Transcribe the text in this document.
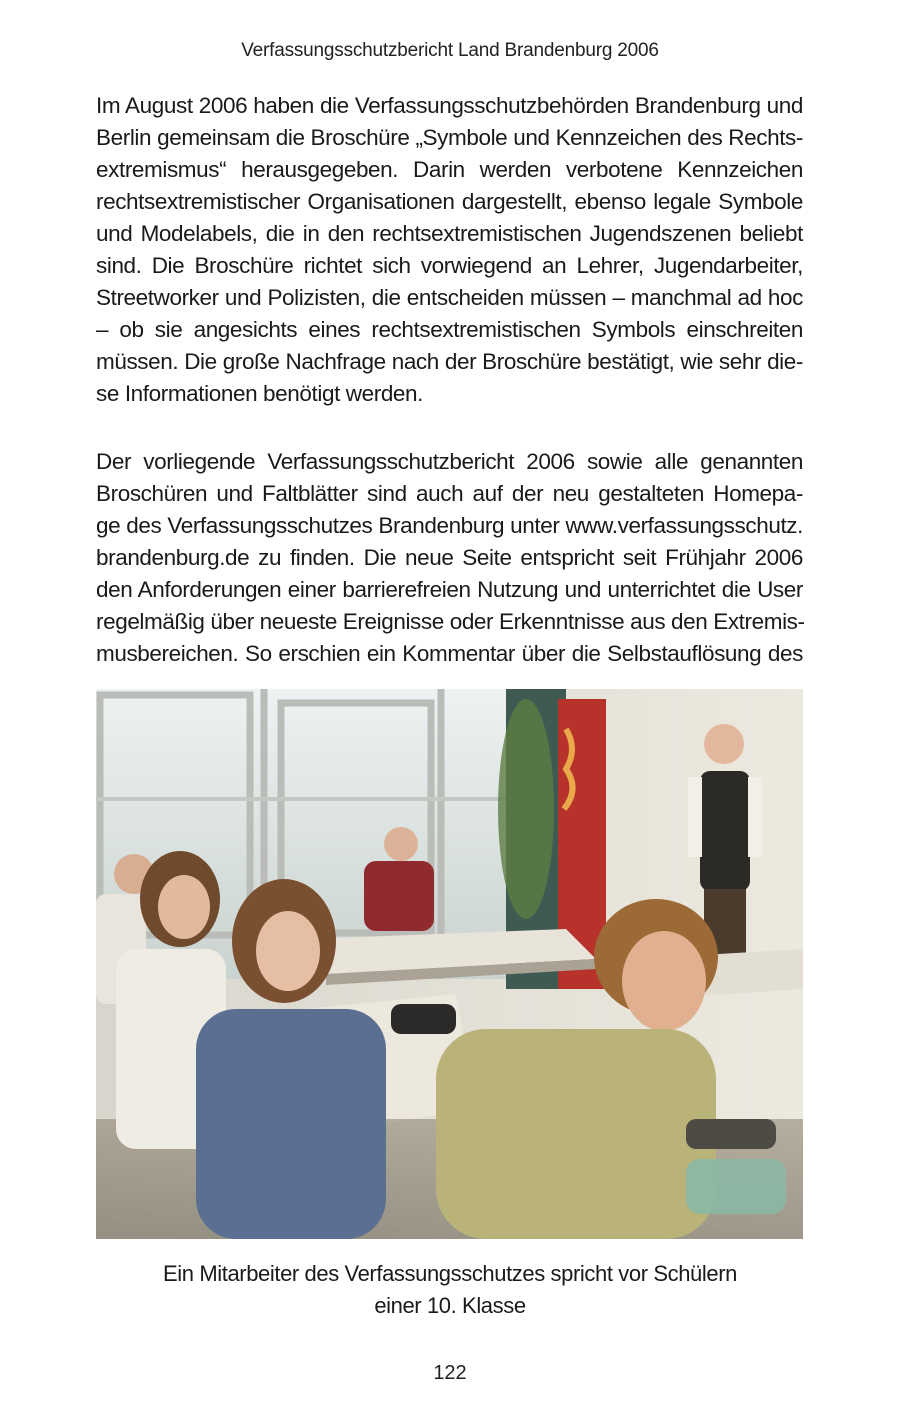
Verfassungsschutzbericht Land Brandenburg 2006
Im August 2006 haben die Verfassungsschutzbehörden Brandenburg und
Berlin gemeinsam die Broschüre „Symbole und Kennzeichen des Rechts-
extremismus“ herausgegeben. Darin werden verbotene Kennzeichen
rechtsextremistischer Organisationen dargestellt, ebenso legale Symbole
und Modelabels, die in den rechtsextremistischen Jugendszenen beliebt
sind. Die Broschüre richtet sich vorwiegend an Lehrer, Jugendarbeiter,
Streetworker und Polizisten, die entscheiden müssen – manchmal ad hoc
– ob sie angesichts eines rechtsextremistischen Symbols einschreiten
müssen. Die große Nachfrage nach der Broschüre bestätigt, wie sehr die-
se Informationen benötigt werden.
Der vorliegende Verfassungsschutzbericht 2006 sowie alle genannten
Broschüren und Faltblätter sind auch auf der neu gestalteten Homepa-
ge des Verfassungsschutzes Brandenburg unter www.verfassungsschutz.
brandenburg.de zu finden. Die neue Seite entspricht seit Frühjahr 2006
den Anforderungen einer barrierefreien Nutzung und unterrichtet die User
regelmäßig über neueste Ereignisse oder Erkenntnisse aus den Extremis-
musbereichen. So erschien ein Kommentar über die Selbstauflösung des
Ein Mitarbeiter des Verfassungsschutzes spricht vor Schülern
einer 10. Klasse
122
